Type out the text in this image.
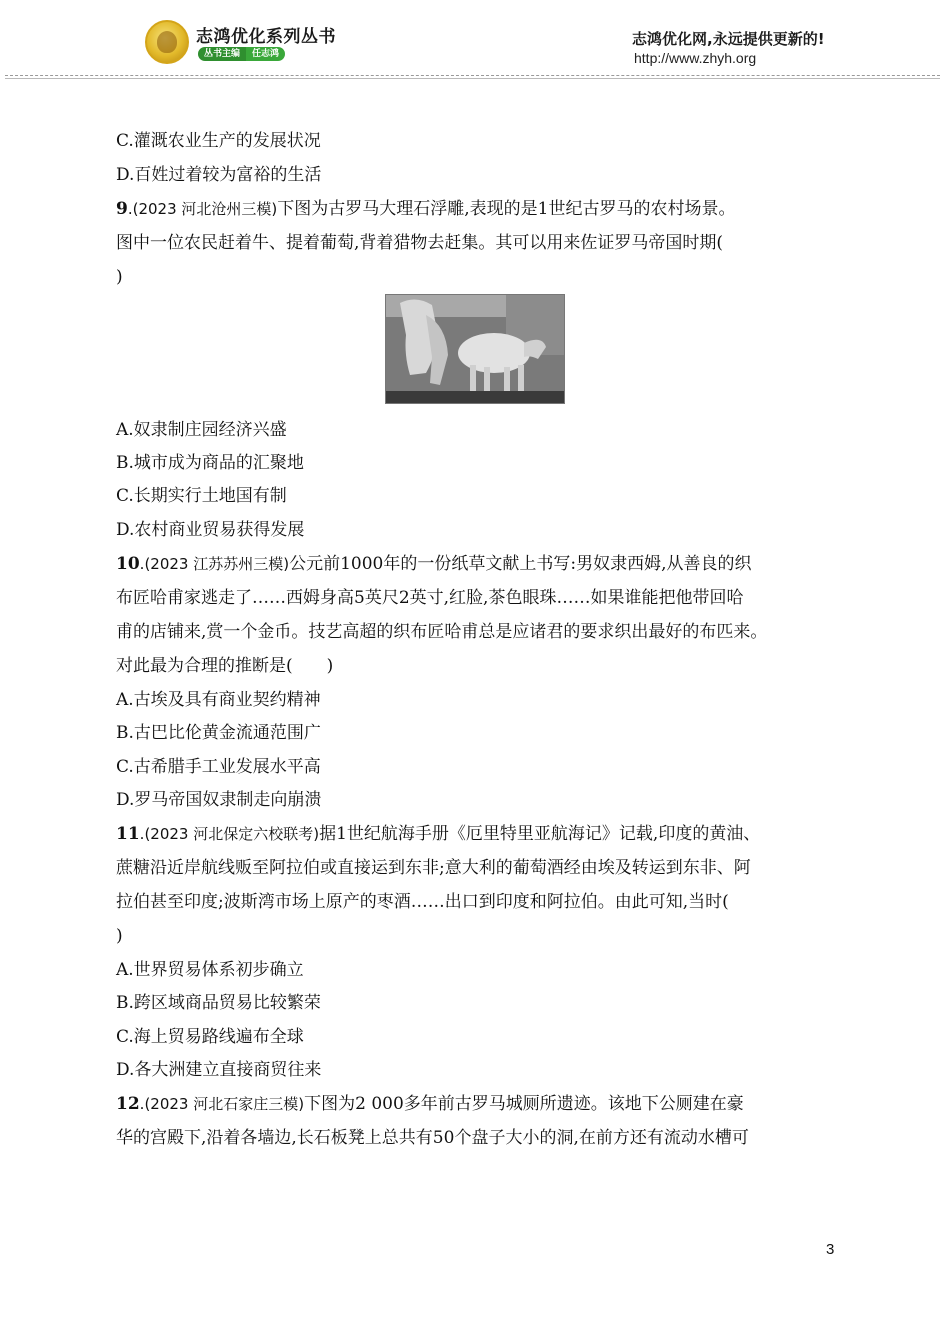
志鸿优化系列丛书
丛书主编	任志鸿
志鸿优化网,永远提供更新的!
http://www.zhyh.org
C.灌溉农业生产的发展状况
D.百姓过着较为富裕的生活
9.(2023 河北沧州三模)下图为古罗马大理石浮雕,表现的是1世纪古罗马的农村场景。
图中一位农民赶着牛、提着葡萄,背着猎物去赶集。其可以用来佐证罗马帝国时期(
)
A.奴隶制庄园经济兴盛
B.城市成为商品的汇聚地
C.长期实行土地国有制
D.农村商业贸易获得发展
10.(2023 江苏苏州三模)公元前1000年的一份纸草文献上书写:男奴隶西姆,从善良的织
布匠哈甫家逃走了……西姆身高5英尺2英寸,红脸,茶色眼珠……如果谁能把他带回哈
甫的店铺来,赏一个金币。技艺高超的织布匠哈甫总是应诸君的要求织出最好的布匹来。
对此最为合理的推断是(　　)
A.古埃及具有商业契约精神
B.古巴比伦黄金流通范围广
C.古希腊手工业发展水平高
D.罗马帝国奴隶制走向崩溃
11.(2023 河北保定六校联考)据1世纪航海手册《厄里特里亚航海记》记载,印度的黄油、
蔗糖沿近岸航线贩至阿拉伯或直接运到东非;意大利的葡萄酒经由埃及转运到东非、阿
拉伯甚至印度;波斯湾市场上原产的枣酒……出口到印度和阿拉伯。由此可知,当时(
)
A.世界贸易体系初步确立
B.跨区域商品贸易比较繁荣
C.海上贸易路线遍布全球
D.各大洲建立直接商贸往来
12.(2023 河北石家庄三模)下图为2 000多年前古罗马城厕所遗迹。该地下公厕建在豪
华的宫殿下,沿着各墙边,长石板凳上总共有50个盘子大小的洞,在前方还有流动水槽可
3
